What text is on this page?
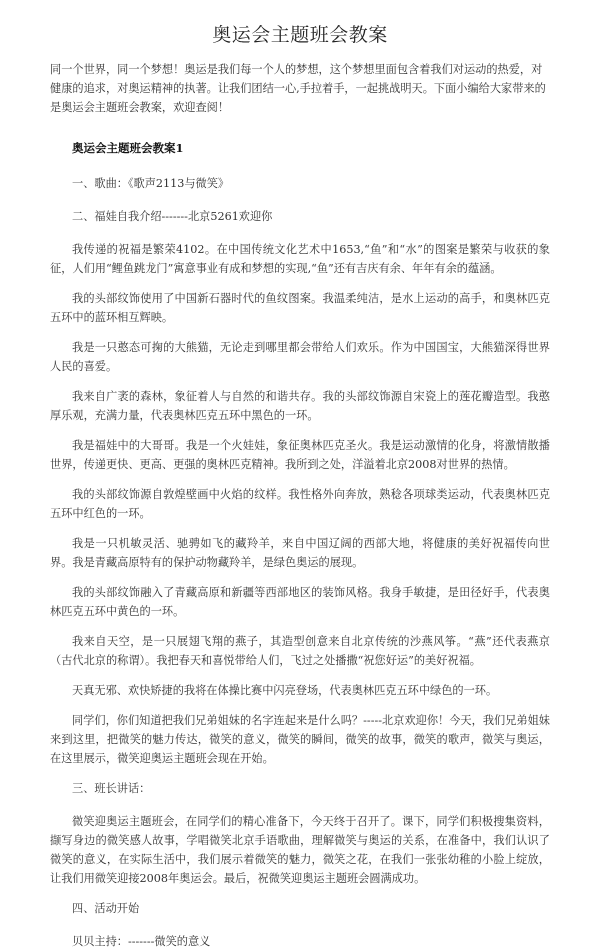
奥运会主题班会教案
同一个世界，同一个梦想！奥运是我们每一个人的梦想，这个梦想里面包含着我们对运动的热爱，对健康的追求，对奥运精神的执著。让我们团结一心,手拉着手，一起挑战明天。下面小编给大家带来的是奥运会主题班会教案，欢迎查阅！
奥运会主题班会教案1

一、歌曲：《歌声2113与微笑》

二、福娃自我介绍-------北京5261欢迎你

我传递的祝福是繁荣4102。在中国传统文化艺术中1653,“鱼”和“水”的图案是繁荣与收获的象征，人们用“鲤鱼跳龙门”寓意事业有成和梦想的实现,“鱼”还有吉庆有余、年年有余的蕴涵。

我的头部纹饰使用了中国新石器时代的鱼纹图案。我温柔纯洁，是水上运动的高手，和奥林匹克五环中的蓝环相互辉映。

我是一只憨态可掬的大熊猫，无论走到哪里都会带给人们欢乐。作为中国国宝，大熊猫深得世界人民的喜爱。

我来自广袤的森林，象征着人与自然的和谐共存。我的头部纹饰源自宋瓷上的莲花瓣造型。我憨厚乐观，充满力量，代表奥林匹克五环中黑色的一环。

我是福娃中的大哥哥。我是一个火娃娃，象征奥林匹克圣火。我是运动激情的化身，将激情散播世界，传递更快、更高、更强的奥林匹克精神。我所到之处，洋溢着北京2008对世界的热情。

我的头部纹饰源自敦煌壁画中火焰的纹样。我性格外向奔放，熟稔各项球类运动，代表奥林匹克五环中红色的一环。

我是一只机敏灵活、驰骋如飞的藏羚羊，来自中国辽阔的西部大地，将健康的美好祝福传向世界。我是青藏高原特有的保护动物藏羚羊，是绿色奥运的展现。

我的头部纹饰融入了青藏高原和新疆等西部地区的装饰风格。我身手敏捷，是田径好手，代表奥林匹克五环中黄色的一环。

我来自天空，是一只展翅飞翔的燕子，其造型创意来自北京传统的沙燕风筝。“燕”还代表燕京（古代北京的称谓）。我把春天和喜悦带给人们，飞过之处播撒“祝您好运”的美好祝福。

天真无邪、欢快矫捷的我将在体操比赛中闪亮登场，代表奥林匹克五环中绿色的一环。

同学们，你们知道把我们兄弟姐妹的名字连起来是什么吗？-----北京欢迎你！今天，我们兄弟姐妹来到这里，把微笑的魅力传达，微笑的意义，微笑的瞬间，微笑的故事，微笑的歌声，微笑与奥运，在这里展示，微笑迎奥运主题班会现在开始。

三、班长讲话：

微笑迎奥运主题班会，在同学们的精心准备下，今天终于召开了。课下，同学们积极搜集资料，撷写身边的微笑感人故事，学唱微笑北京手语歌曲，理解微笑与奥运的关系，在准备中，我们认识了微笑的意义，在实际生活中，我们展示着微笑的魅力，微笑之花，在我们一张张幼稚的小脸上绽放，让我们用微笑迎接2008年奥运会。最后，祝微笑迎奥运主题班会圆满成功。

四、活动开始

贝贝主持：-------微笑的意义
